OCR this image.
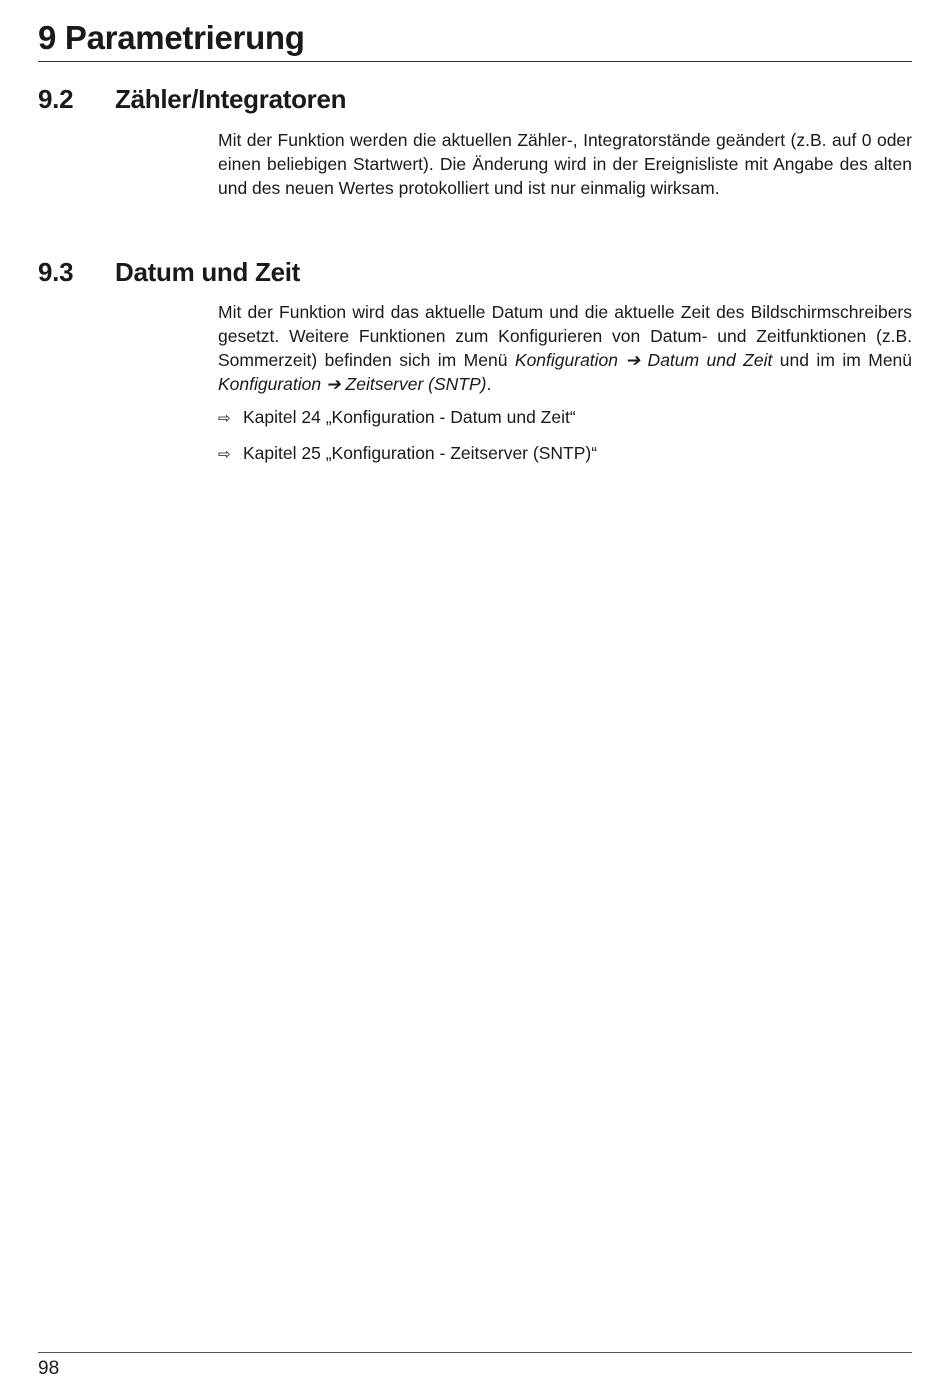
9 Parametrierung
9.2 Zähler/Integratoren

Mit der Funktion werden die aktuellen Zähler-, Integratorstände geändert (z.B. auf 0 oder einen beliebigen Startwert). Die Änderung wird in der Ereignisliste mit Angabe des alten und des neuen Wertes protokolliert und ist nur einmalig wirksam.

9.3 Datum und Zeit

Mit der Funktion wird das aktuelle Datum und die aktuelle Zeit des Bildschirmschreibers gesetzt. Weitere Funktionen zum Konfigurieren von Datum- und Zeitfunktionen (z.B. Sommerzeit) befinden sich im Menü Konfiguration ➔ Datum und Zeit und im im Menü Konfiguration ➔ Zeitserver (SNTP).

⇨ Kapitel 24 „Konfiguration - Datum und Zeit“
⇨ Kapitel 25 „Konfiguration - Zeitserver (SNTP)“
98
